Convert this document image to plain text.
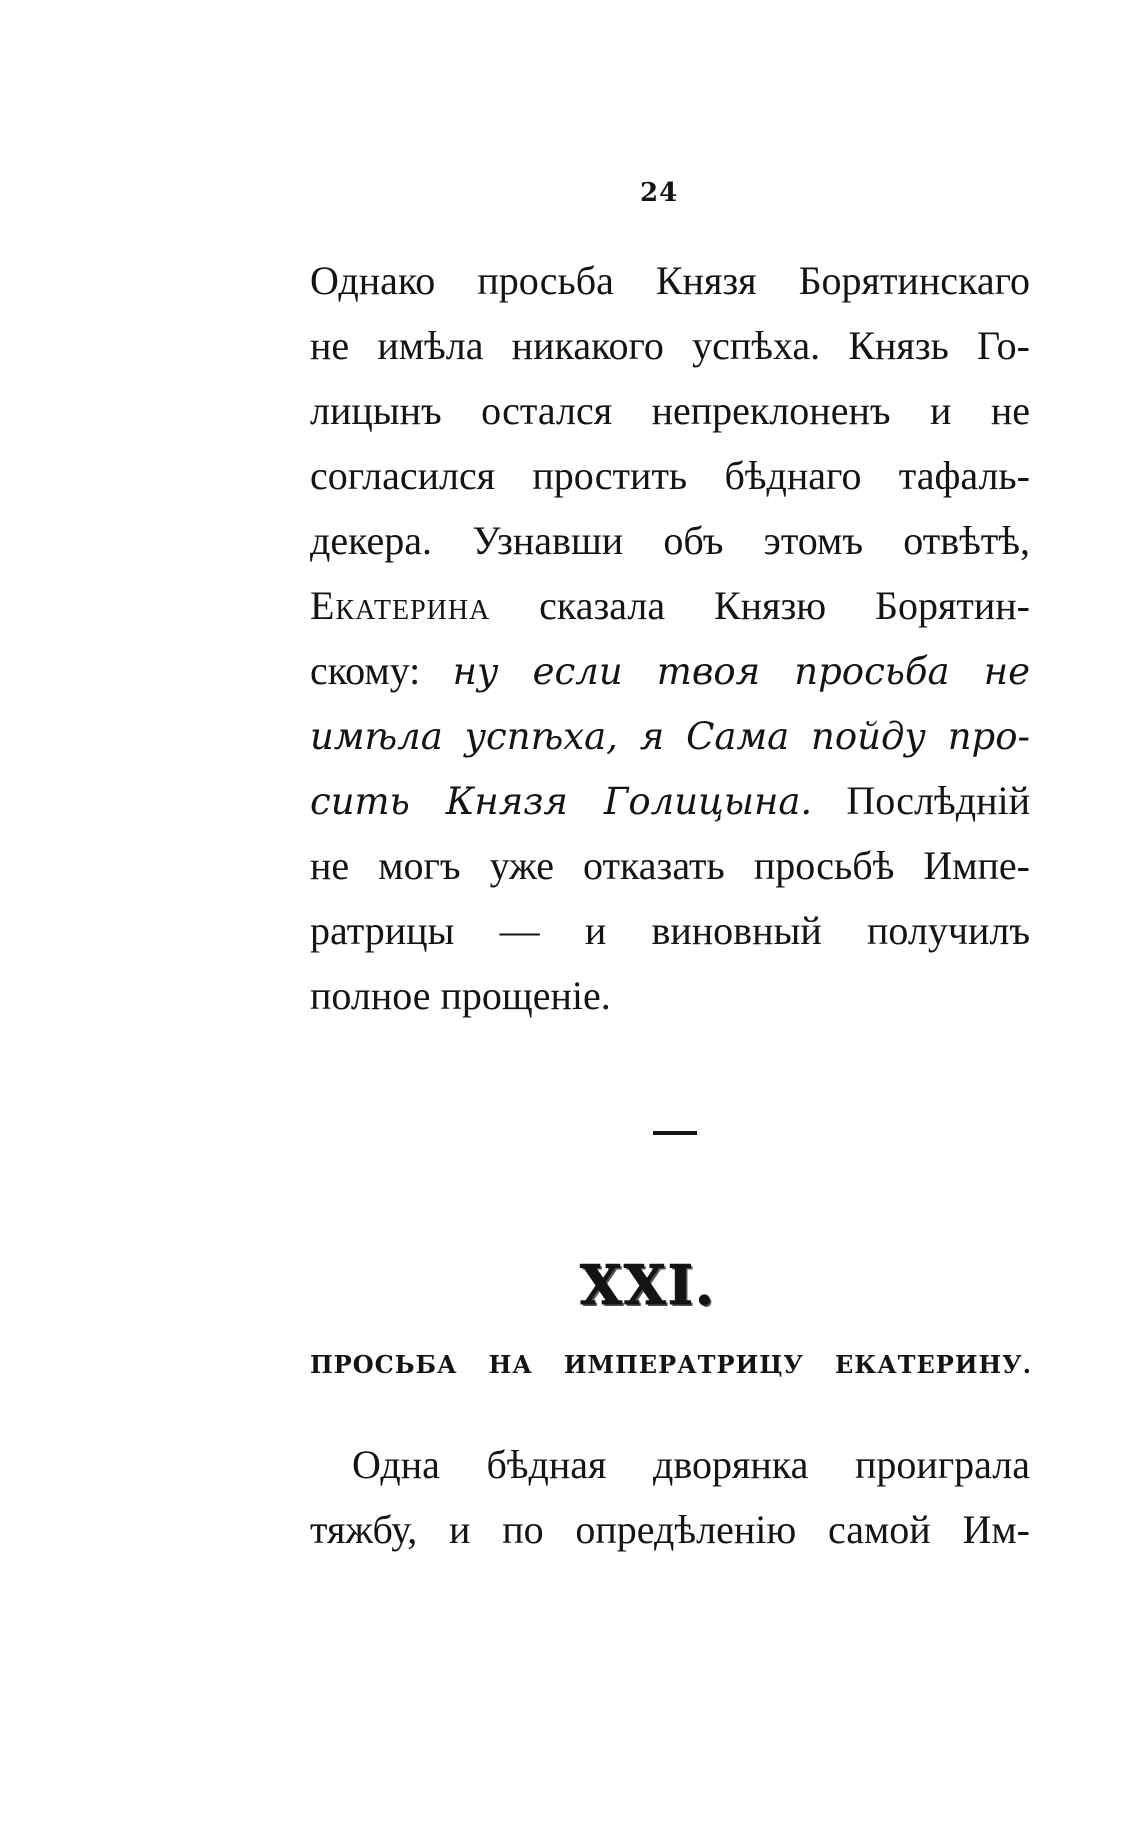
24
Однако просьба Князя Борятинскаго
не имѣла никакого успѣха. Князь Го-
лицынъ остался непреклоненъ и не
согласился простить бѣднаго тафаль-
декера. Узнавши объ этомъ отвѣтѣ,
Екатерина сказала Князю Борятин-
скому: ну если твоя просьба не
имѣла успѣха, я Сама пойду про-
сить Князя Голицына. Послѣдній
не могъ уже отказать просьбѣ Импе-
ратрицы — и виновный получилъ
полное прощеніе.
XXI.
ПРОСЬБА НА ИМПЕРАТРИЦУ ЕКАТЕРИНУ.
Одна бѣдная дворянка проиграла
тяжбу, и по опредѣленію самой Им-
